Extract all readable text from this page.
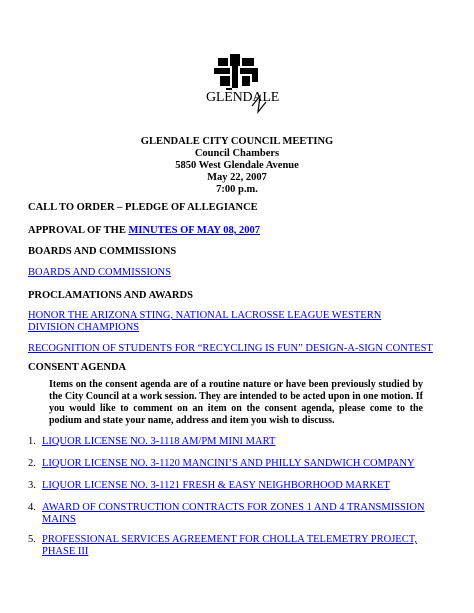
GLENDALE
GLENDALE CITY COUNCIL MEETING
Council Chambers
5850 West Glendale Avenue
May 22, 2007
7:00 p.m.
CALL TO ORDER – PLEDGE OF ALLEGIANCE
APPROVAL OF THE MINUTES OF MAY 08, 2007
BOARDS AND COMMISSIONS
BOARDS AND COMMISSIONS
PROCLAMATIONS AND AWARDS
HONOR THE ARIZONA STING, NATIONAL LACROSSE LEAGUE WESTERN DIVISION CHAMPIONS
RECOGNITION OF STUDENTS FOR “RECYCLING IS FUN” DESIGN-A-SIGN CONTEST
CONSENT AGENDA
Items on the consent agenda are of a routine nature or have been previously studied by the City Council at a work session. They are intended to be acted upon in one motion. If you would like to comment on an item on the consent agenda, please come to the podium and state your name, address and item you wish to discuss.
1. LIQUOR LICENSE NO. 3-1118 AM/PM MINI MART
2. LIQUOR LICENSE NO. 3-1120 MANCINI’S AND PHILLY SANDWICH COMPANY
3. LIQUOR LICENSE NO. 3-1121 FRESH & EASY NEIGHBORHOOD MARKET
4. AWARD OF CONSTRUCTION CONTRACTS FOR ZONES 1 AND 4 TRANSMISSION MAINS
5. PROFESSIONAL SERVICES AGREEMENT FOR CHOLLA TELEMETRY PROJECT, PHASE III
